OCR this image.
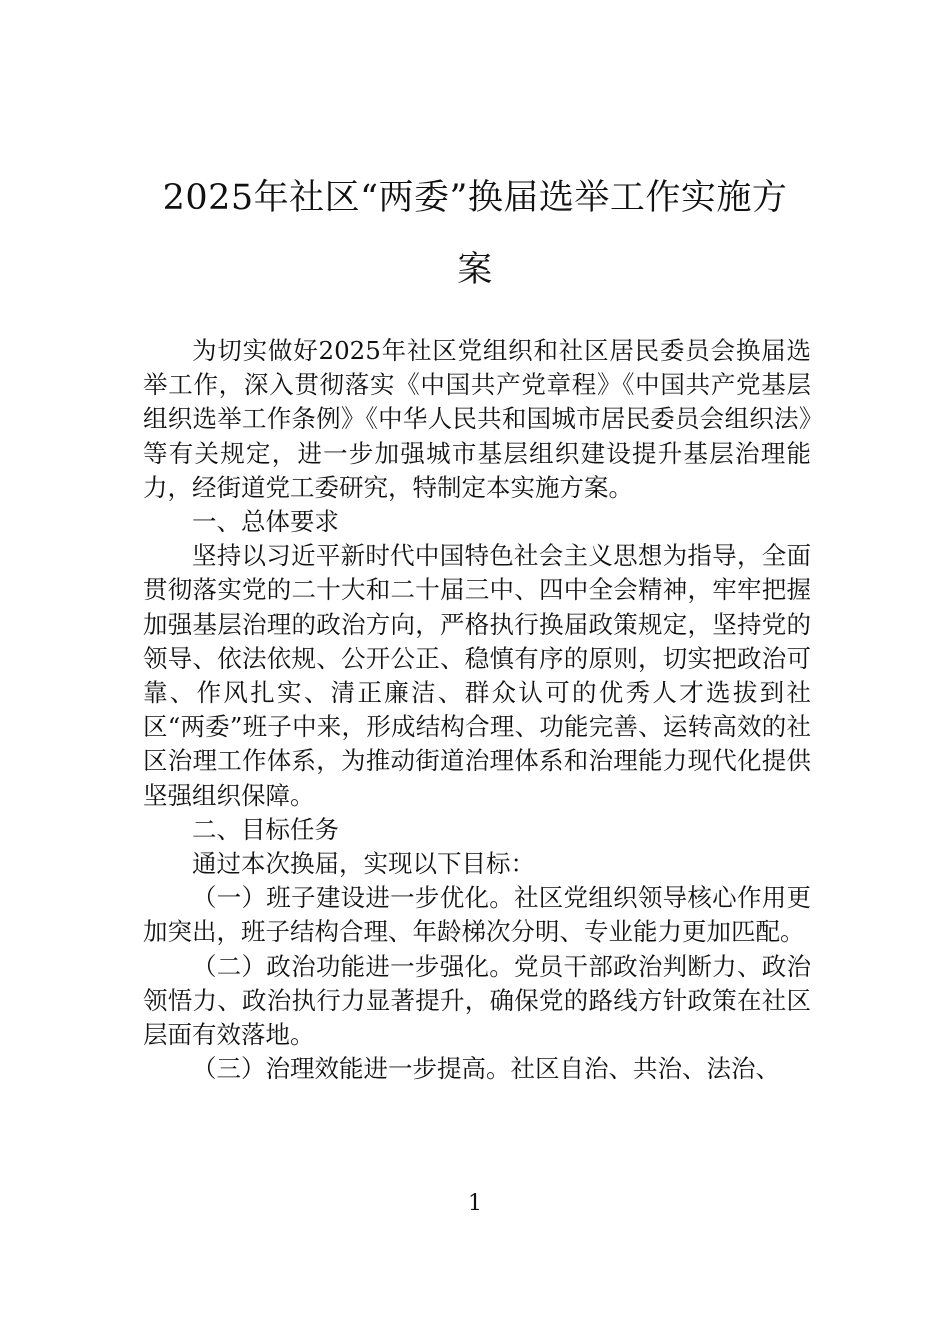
2025年社区“两委”换届选举工作实施方
案

为切实做好2025年社区党组织和社区居民委员会换届选举工作，深入贯彻落实《中国共产党章程》《中国共产党基层组织选举工作条例》《中华人民共和国城市居民委员会组织法》等有关规定，进一步加强城市基层组织建设提升基层治理能力，经街道党工委研究，特制定本实施方案。

一、总体要求

坚持以习近平新时代中国特色社会主义思想为指导，全面贯彻落实党的二十大和二十届三中、四中全会精神，牢牢把握加强基层治理的政治方向，严格执行换届政策规定，坚持党的领导、依法依规、公开公正、稳慎有序的原则，切实把政治可靠、作风扎实、清正廉洁、群众认可的优秀人才选拔到社区“两委”班子中来，形成结构合理、功能完善、运转高效的社区治理工作体系，为推动街道治理体系和治理能力现代化提供坚强组织保障。

二、目标任务

通过本次换届，实现以下目标：

（一）班子建设进一步优化。社区党组织领导核心作用更加突出，班子结构合理、年龄梯次分明、专业能力更加匹配。

（二）政治功能进一步强化。党员干部政治判断力、政治领悟力、政治执行力显著提升，确保党的路线方针政策在社区层面有效落地。

（三）治理效能进一步提高。社区自治、共治、法治、

1
